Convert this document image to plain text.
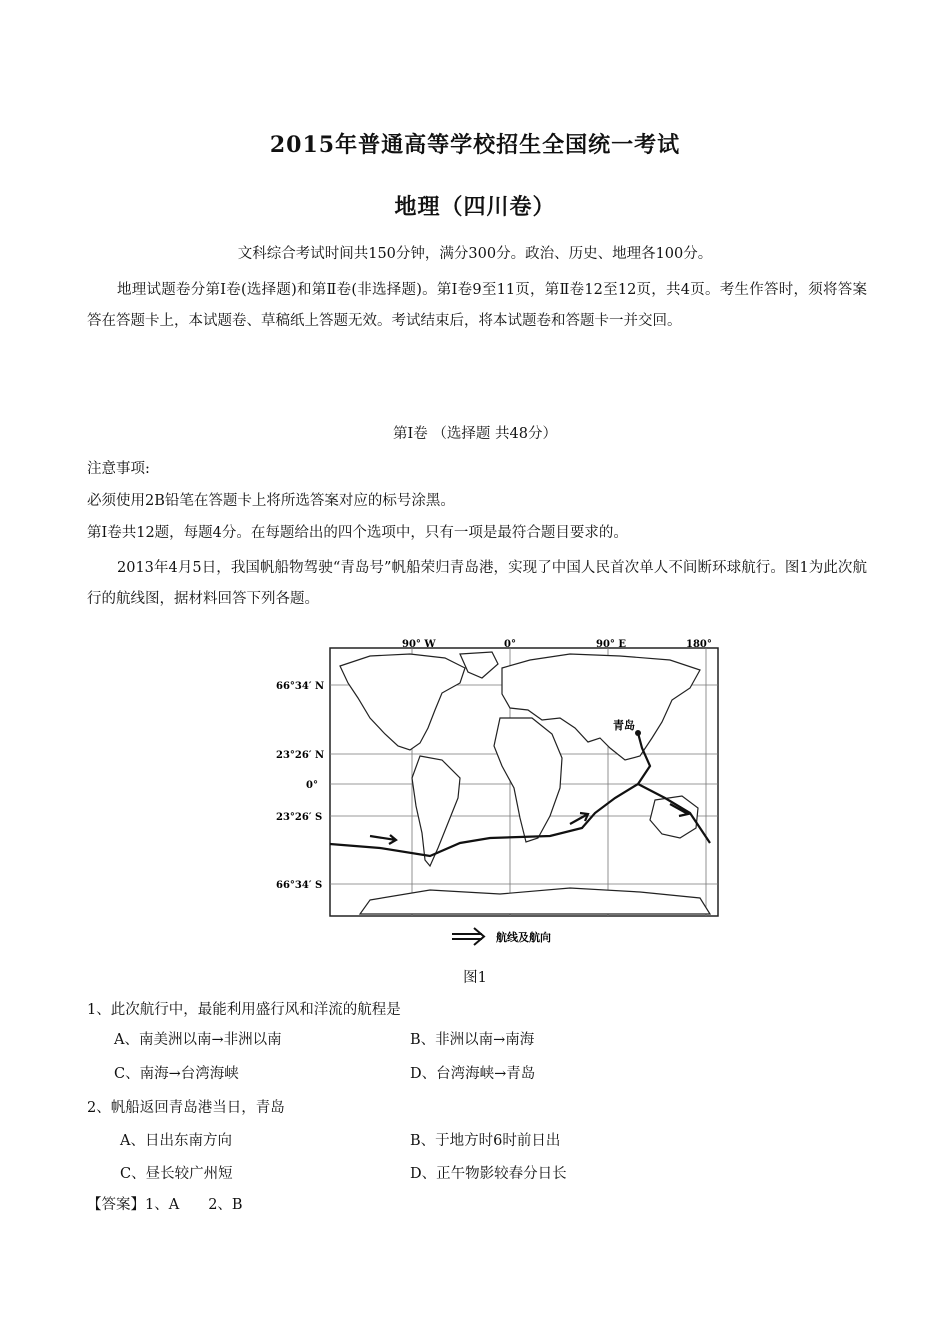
2015年普通高等学校招生全国统一考试
地理（四川卷）
文科综合考试时间共150分钟，满分300分。政治、历史、地理各100分。
地理试题卷分第Ⅰ卷(选择题)和第Ⅱ卷(非选择题)。第Ⅰ卷9至11页，第Ⅱ卷12至12页，共4页。考生作答时，须将答案答在答题卡上，本试题卷、草稿纸上答题无效。考试结束后，将本试题卷和答题卡一并交回。
第Ⅰ卷 （选择题 共48分）
注意事项:
必须使用2B铅笔在答题卡上将所选答案对应的标号涂黑。
第Ⅰ卷共12题，每题4分。在每题给出的四个选项中，只有一项是最符合题目要求的。
2013年4月5日，我国帆船物驾驶“青岛号”帆船荣归青岛港，实现了中国人民首次单人不间断环球航行。图1为此次航行的航线图，据材料回答下列各题。
90° W	0°	90° E	180°
66°34′ N
23°26′ N
0°
23°26′ S
66°34′ S
青岛
航线及航向
图1
1、此次航行中，最能利用盛行风和洋流的航程是
A、南美洲以南→非洲以南	B、非洲以南→南海
C、南海→台湾海峡	D、台湾海峡→青岛
2、帆船返回青岛港当日，青岛
A、日出东南方向	B、于地方时6时前日出
C、昼长较广州短	D、正午物影较春分日长
【答案】1、A　　2、B
